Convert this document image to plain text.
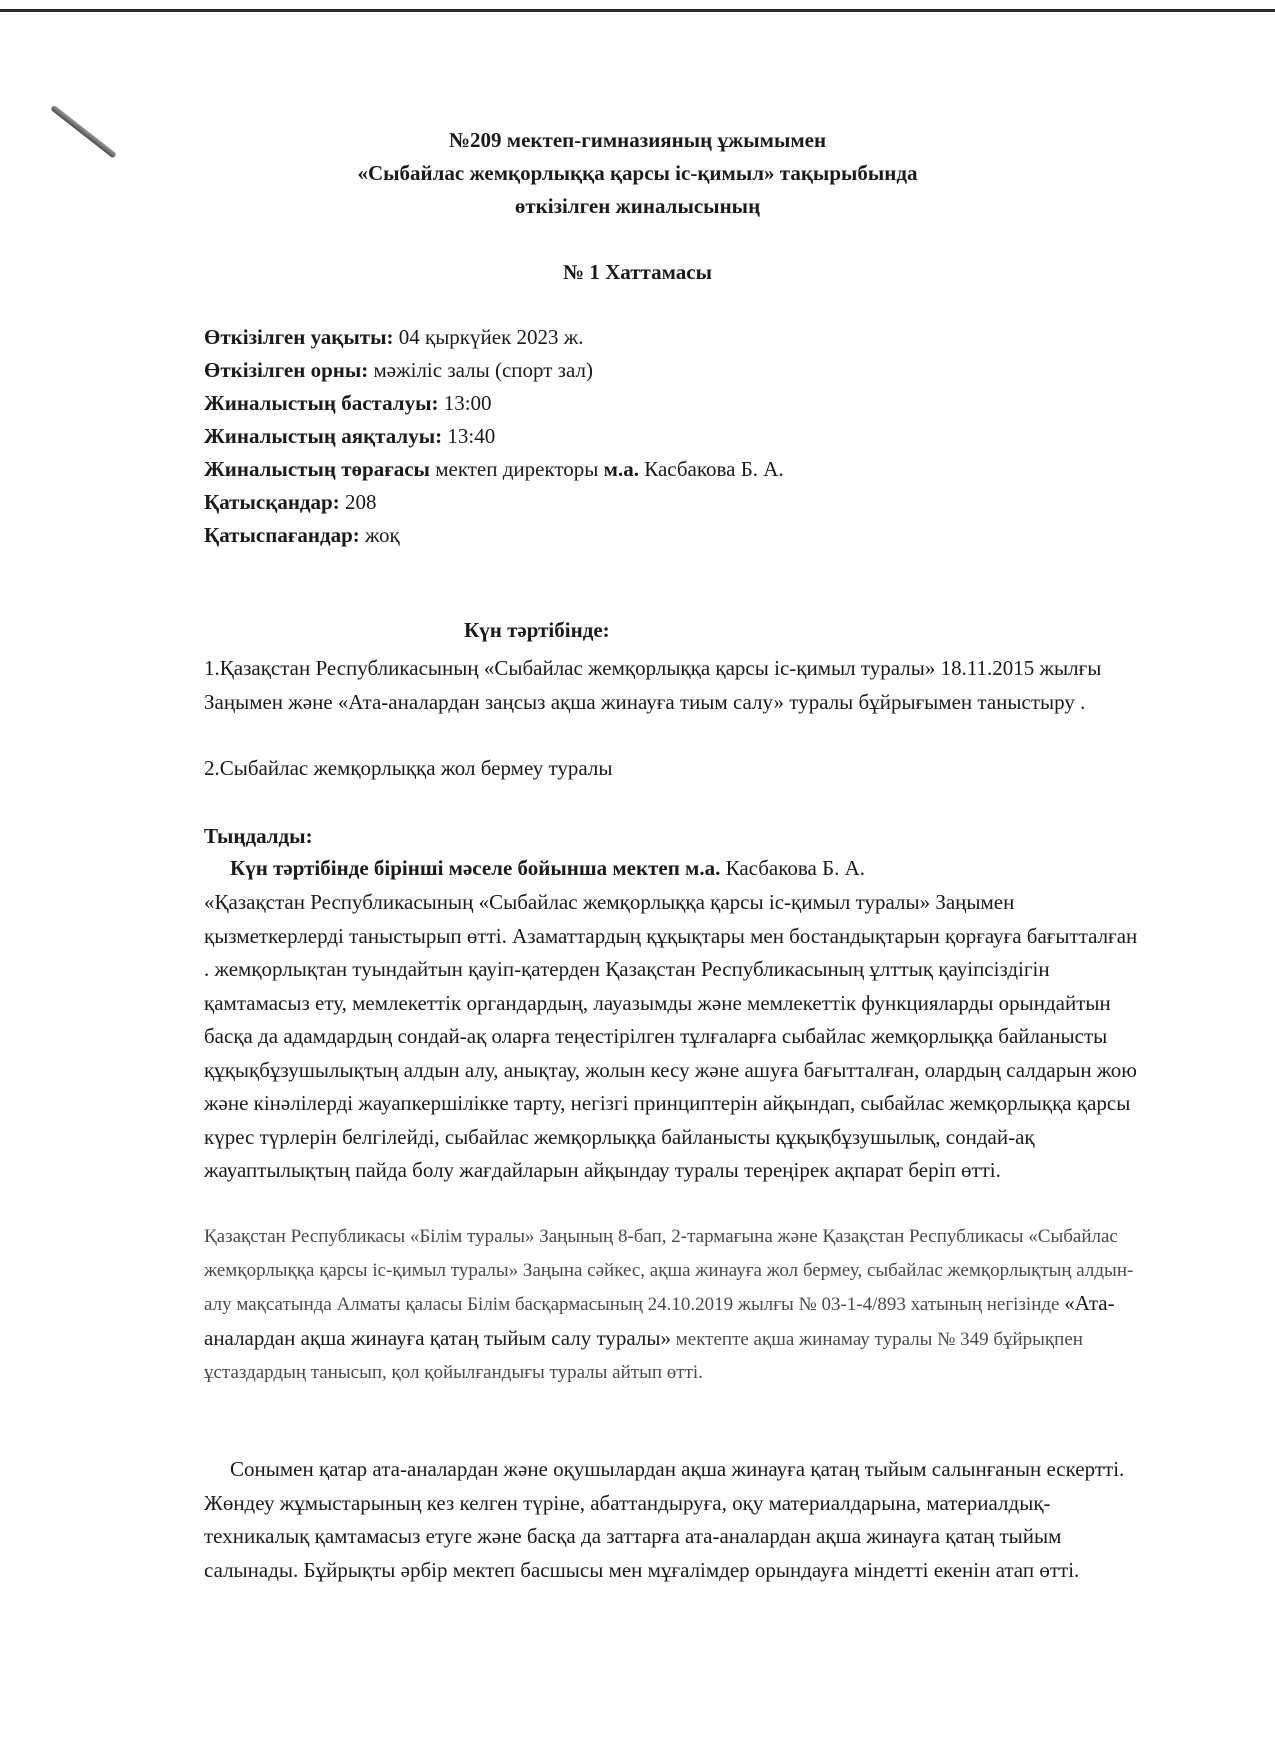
№209 мектеп-гимназияның ұжымымен
«Сыбайлас жемқорлыққа қарсы іс-қимыл» тақырыбында
өткізілген жиналысының
№ 1 Хаттамасы
Өткізілген уақыты: 04 қыркүйек 2023 ж.
Өткізілген орны: мәжіліс залы (спорт зал)
Жиналыстың басталуы: 13:00
Жиналыстың аяқталуы: 13:40
Жиналыстың төрағасы мектеп директоры м.а. Касбакова Б. А.
Қатысқандар: 208
Қатыспағандар: жоқ
Күн тәртібінде:
1.Қазақстан Республикасының «Сыбайлас жемқорлыққа қарсы іс-қимыл туралы» 18.11.2015 жылғы Заңымен және «Ата-аналардан заңсыз ақша жинауға тиым салу» туралы бұйрығымен таныстыру .
2.Сыбайлас жемқорлыққа жол бермеу туралы
Тыңдалды:
Күн тәртібінде бірінші мәселе бойынша мектеп м.а. Касбакова Б. А.
«Қазақстан Республикасының «Сыбайлас жемқорлыққа қарсы іс-қимыл туралы» Заңымен қызметкерлерді таныстырып өтті. Азаматтардың құқықтары мен бостандықтарын қорғауға бағытталған . жемқорлықтан туындайтын қауіп-қатерден Қазақстан Республикасының ұлттық қауіпсіздігін қамтамасыз ету, мемлекеттік органдардың, лауазымды және мемлекеттік функцияларды орындайтын басқа да адамдардың сондай-ақ оларға теңестірілген тұлғаларға сыбайлас жемқорлыққа байланысты құқықбұзушылықтың алдын алу, анықтау, жолын кесу және ашуға бағытталған, олардың салдарын жою және кінәлілерді жауапкершілікке тарту, негізгі принциптерін айқындап, сыбайлас жемқорлыққа қарсы күрес түрлерін белгілейді, сыбайлас жемқорлыққа байланысты құқықбұзушылық, сондай-ақ жауаптылықтың пайда болу жағдайларын айқындау туралы тереңірек ақпарат беріп өтті.
Қазақстан Республикасы «Білім туралы» Заңының 8-бап, 2-тармағына және Қазақстан Республикасы «Сыбайлас жемқорлыққа қарсы іс-қимыл туралы» Заңына сәйкес, ақша жинауға жол бермеу, сыбайлас жемқорлықтың алдын-алу мақсатында Алматы қаласы Білім басқармасының 24.10.2019 жылғы № 03-1-4/893 хатының негізінде «Ата-аналардан ақша жинауға қатаң тыйым салу туралы» мектепте ақша жинамау туралы № 349 бұйрықпен ұстаздардың танысып, қол қойылғандығы туралы айтып өтті.
Сонымен қатар ата-аналардан және оқушылардан ақша жинауға қатаң тыйым салынғанын ескертті. Жөндеу жұмыстарының кез келген түріне, абаттандыруға, оқу материалдарына, материалдық-техникалық қамтамасыз етуге және басқа да заттарға ата-аналардан ақша жинауға қатаң тыйым салынады. Бұйрықты әрбір мектеп басшысы мен мұғалімдер орындауға міндетті екенін атап өтті.
